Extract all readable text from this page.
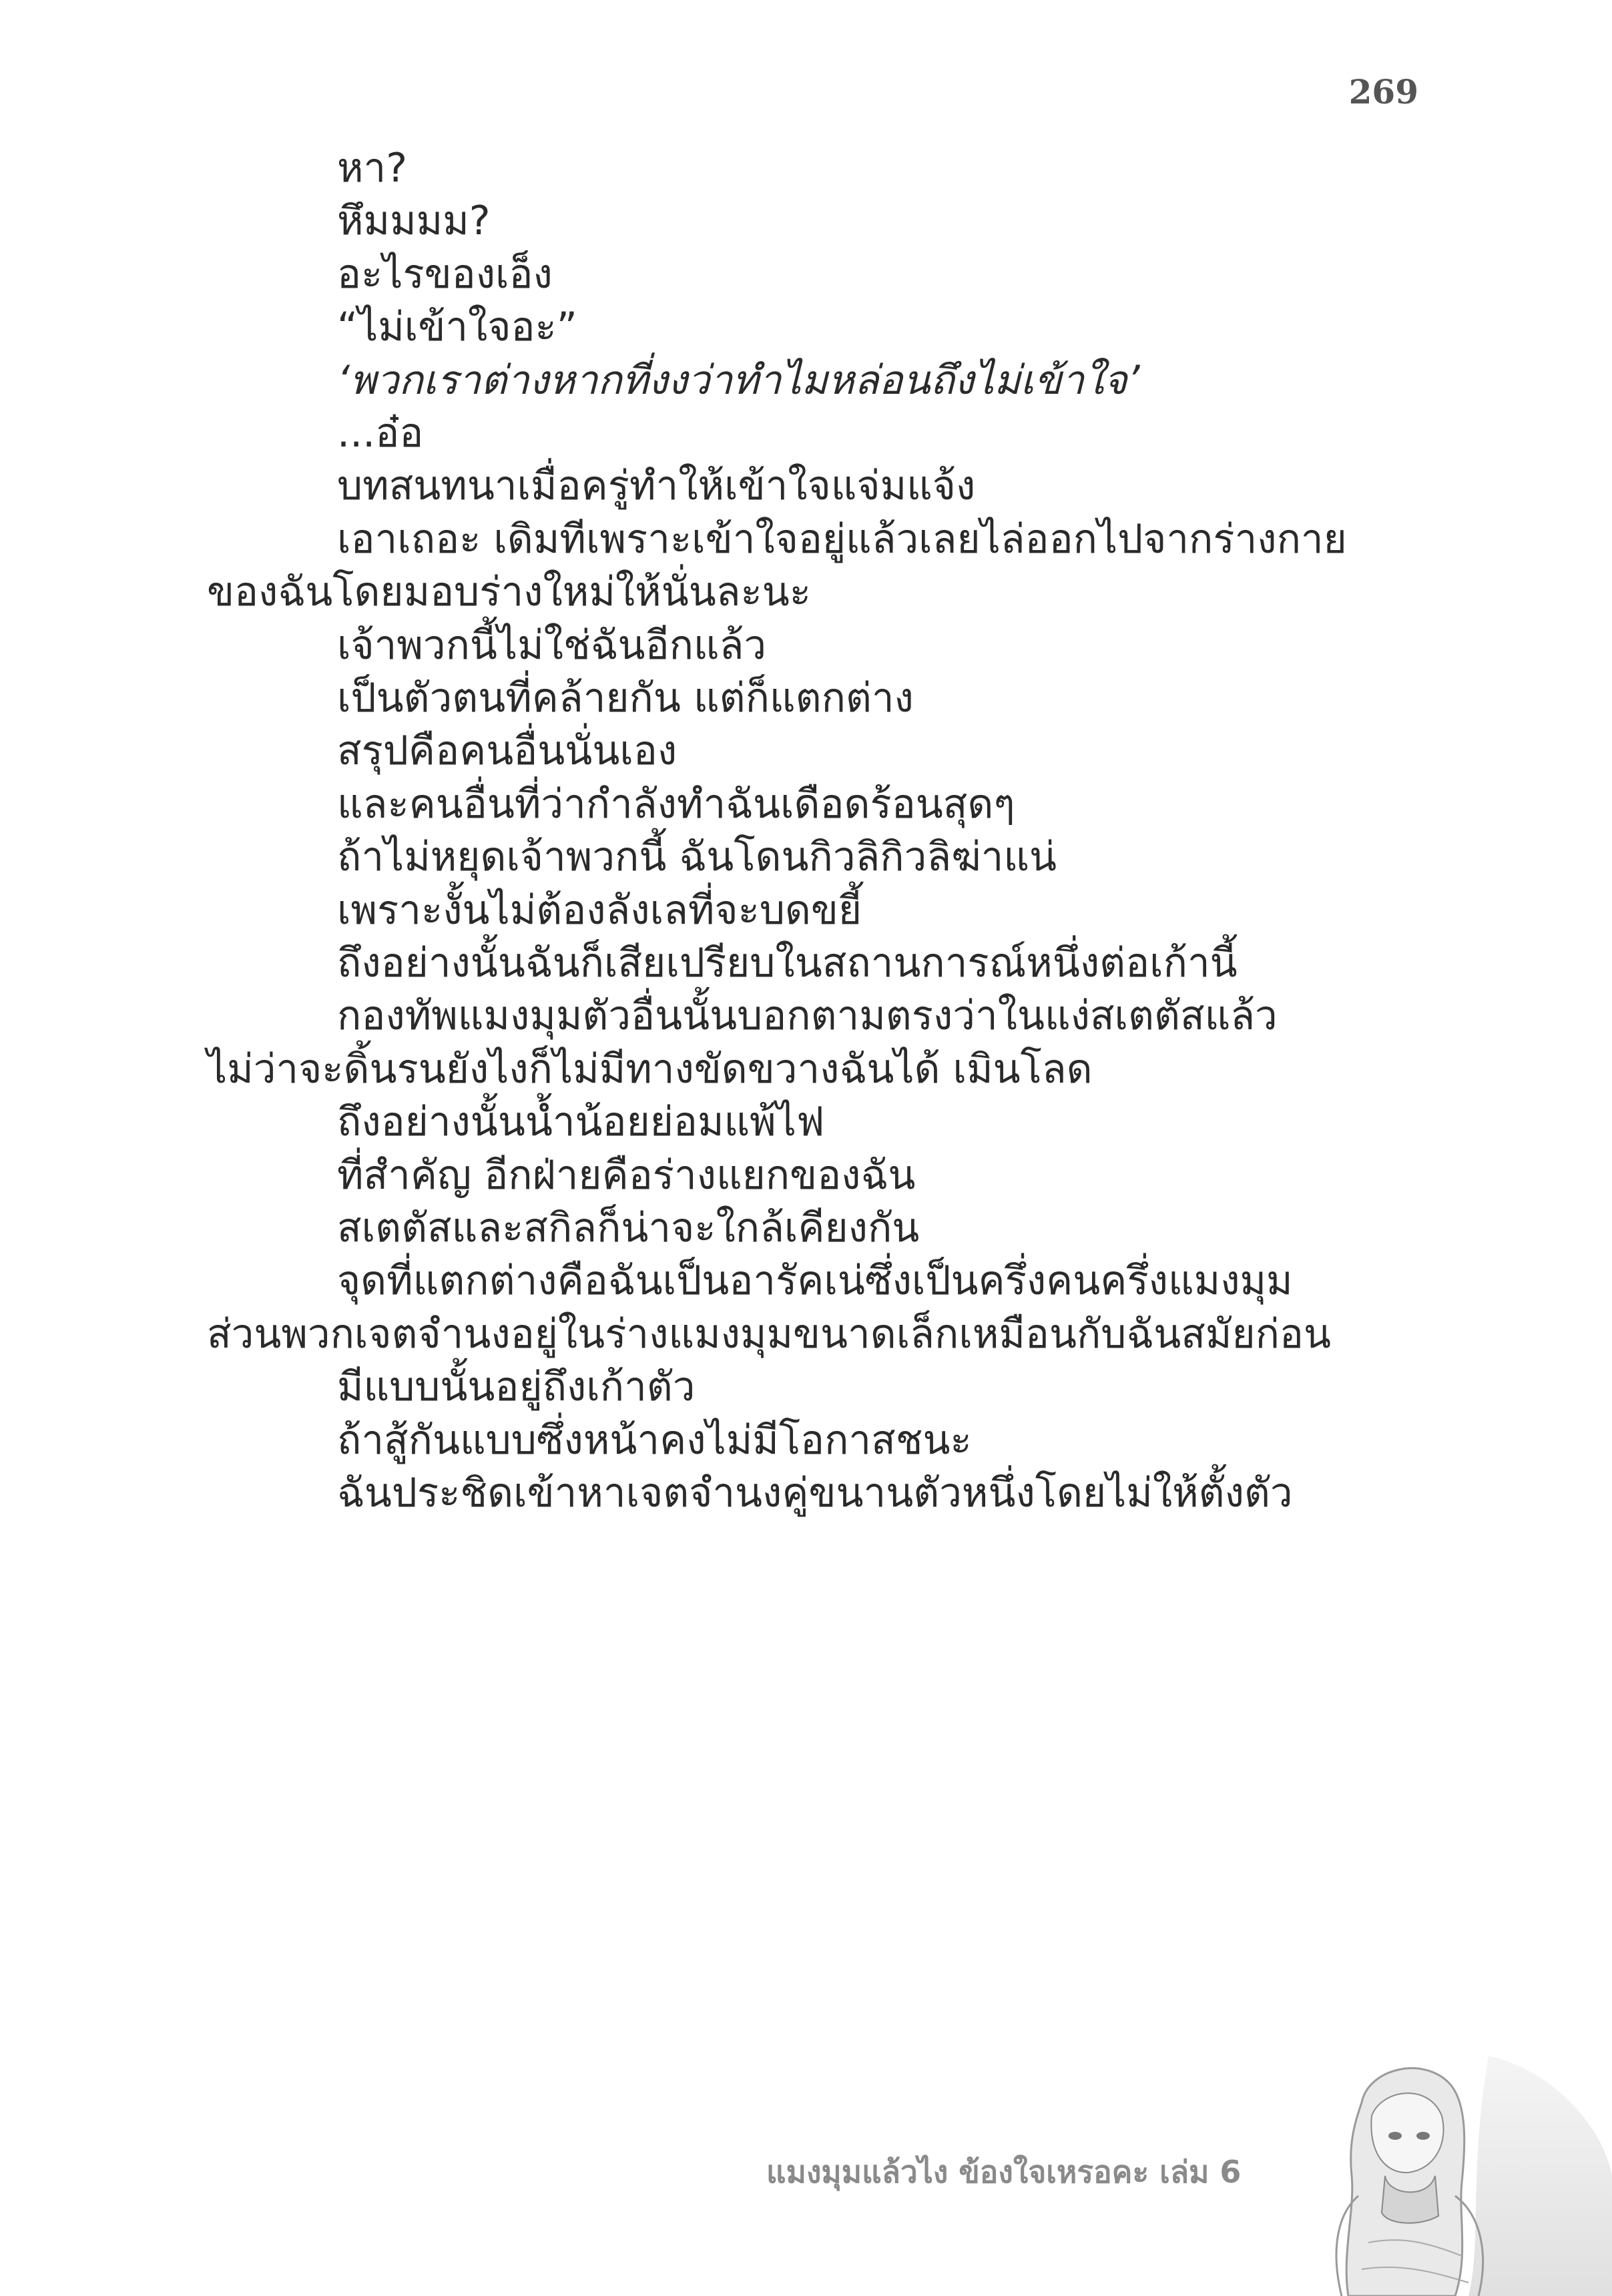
269
หา?
หึมมมม?
อะไรของเอ็ง
“ไม่เข้าใจอะ”
‘พวกเราต่างหากที่งงว่าทำไมหล่อนถึงไม่เข้าใจ’
...อ๋อ
บทสนทนาเมื่อครู่ทำให้เข้าใจแจ่มแจ้ง
เอาเถอะ เดิมทีเพราะเข้าใจอยู่แล้วเลยไล่ออกไปจากร่างกาย
ของฉันโดยมอบร่างใหม่ให้นั่นละนะ
เจ้าพวกนี้ไม่ใช่ฉันอีกแล้ว
เป็นตัวตนที่คล้ายกัน แต่ก็แตกต่าง
สรุปคือคนอื่นนั่นเอง
และคนอื่นที่ว่ากำลังทำฉันเดือดร้อนสุดๆ
ถ้าไม่หยุดเจ้าพวกนี้ ฉันโดนกิวลิกิวลิฆ่าแน่
เพราะงั้นไม่ต้องลังเลที่จะบดขยี้
ถึงอย่างนั้นฉันก็เสียเปรียบในสถานการณ์หนึ่งต่อเก้านี้
กองทัพแมงมุมตัวอื่นนั้นบอกตามตรงว่าในแง่สเตตัสแล้ว
ไม่ว่าจะดิ้นรนยังไงก็ไม่มีทางขัดขวางฉันได้ เมินโลด
ถึงอย่างนั้นน้ำน้อยย่อมแพ้ไฟ
ที่สำคัญ อีกฝ่ายคือร่างแยกของฉัน
สเตตัสและสกิลก็น่าจะใกล้เคียงกัน
จุดที่แตกต่างคือฉันเป็นอารัคเน่ซึ่งเป็นครึ่งคนครึ่งแมงมุม
ส่วนพวกเจตจำนงอยู่ในร่างแมงมุมขนาดเล็กเหมือนกับฉันสมัยก่อน
มีแบบนั้นอยู่ถึงเก้าตัว
ถ้าสู้กันแบบซึ่งหน้าคงไม่มีโอกาสชนะ
ฉันประชิดเข้าหาเจตจำนงคู่ขนานตัวหนึ่งโดยไม่ให้ตั้งตัว
แมงมุมแล้วไง ข้องใจเหรอคะ เล่ม 6
